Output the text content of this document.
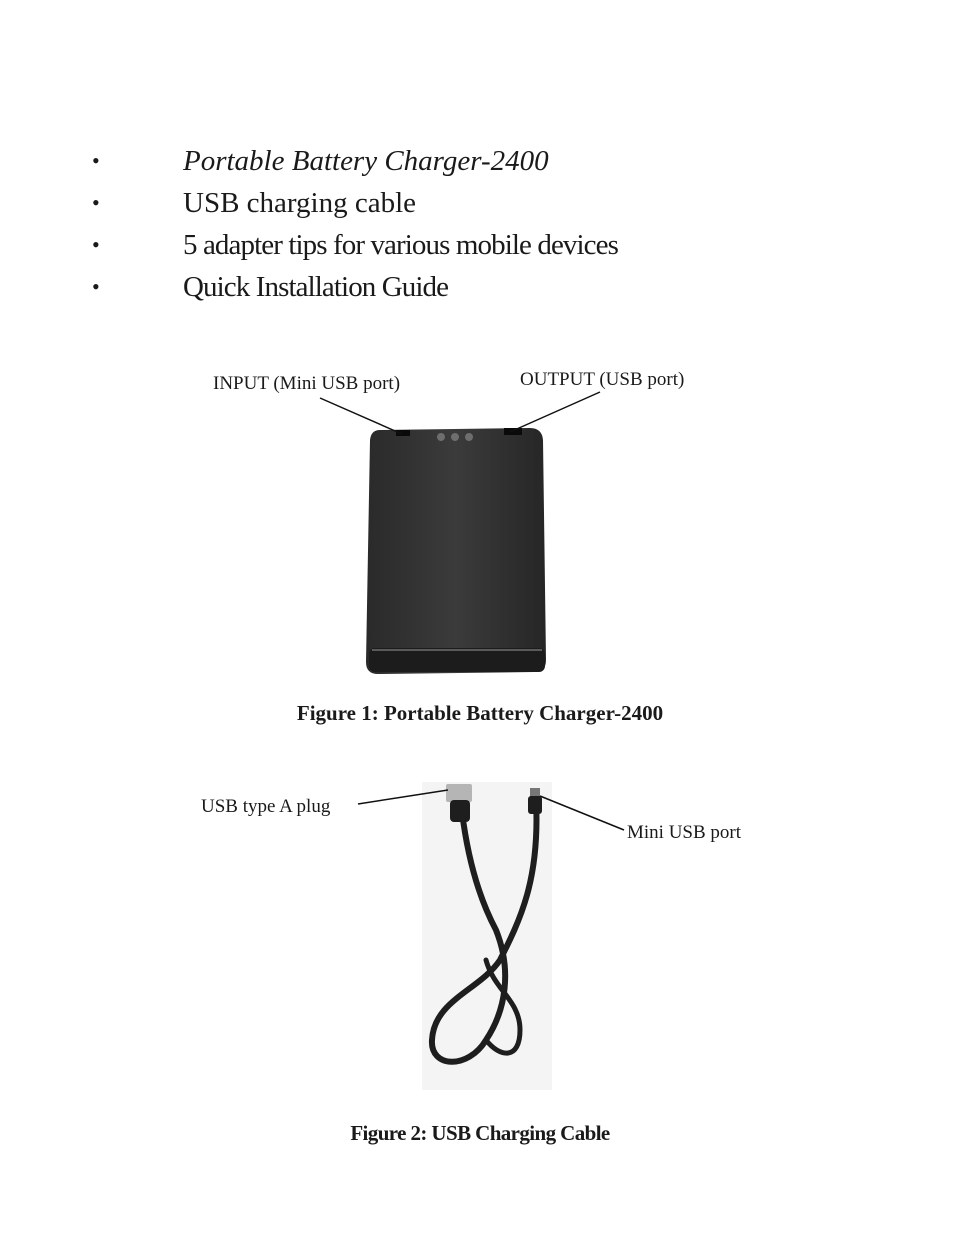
•	Portable Battery Charger-2400
•	USB charging cable
•	5 adapter tips for various mobile devices
•	Quick Installation Guide
INPUT (Mini USB port)	OUTPUT (USB port)
Figure 1: Portable Battery Charger-2400
USB type A plug
Mini USB port
Figure 2: USB Charging Cable
